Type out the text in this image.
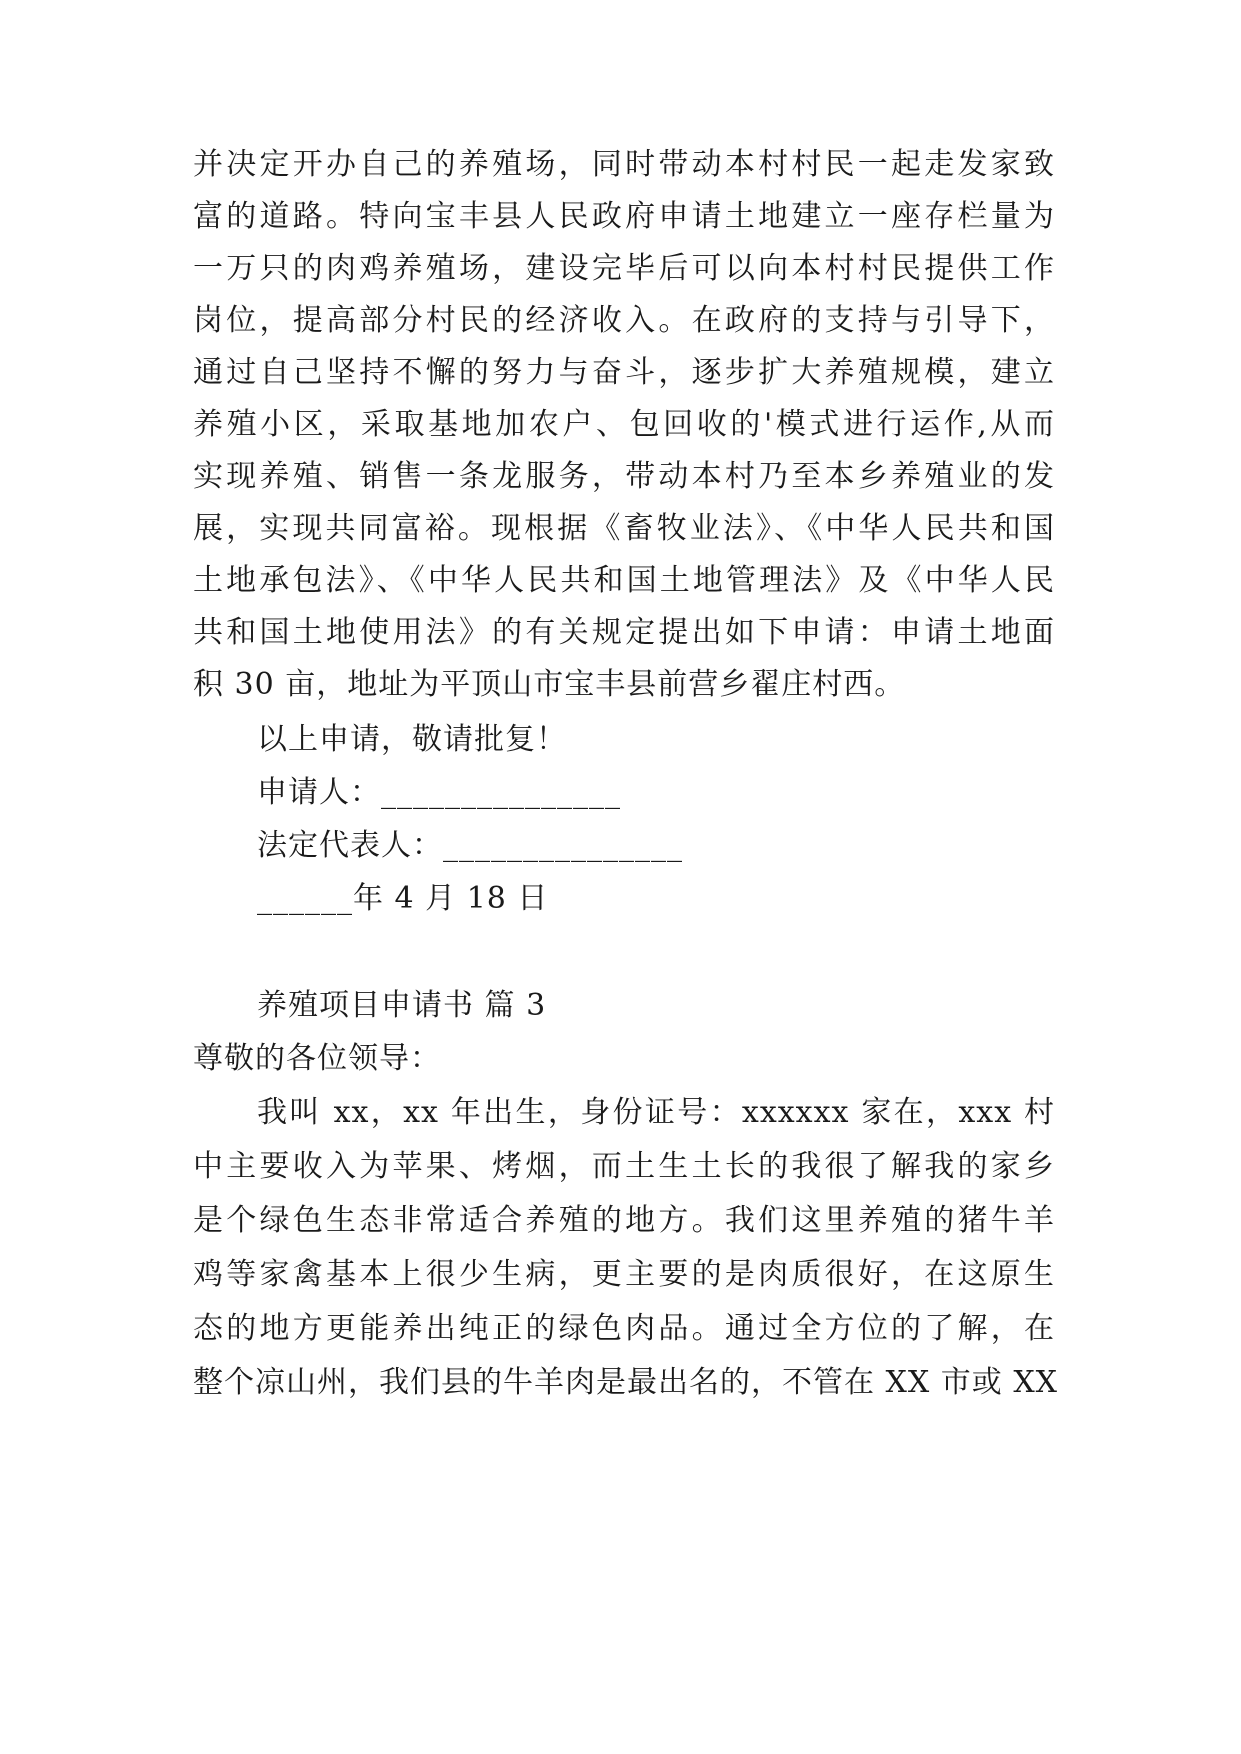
并决定开办自己的养殖场，同时带动本村村民一起走发家致
富的道路。特向宝丰县人民政府申请土地建立一座存栏量为
一万只的肉鸡养殖场，建设完毕后可以向本村村民提供工作
岗位，提高部分村民的经济收入。在政府的支持与引导下，
通过自己坚持不懈的努力与奋斗，逐步扩大养殖规模，建立
养殖小区，采取基地加农户、包回收的'模式进行运作,从而
实现养殖、销售一条龙服务，带动本村乃至本乡养殖业的发
展，实现共同富裕。现根据《畜牧业法》、《中华人民共和国
土地承包法》、《中华人民共和国土地管理法》及《中华人民
共和国土地使用法》的有关规定提出如下申请：申请土地面
积 30 亩，地址为平顶山市宝丰县前营乡翟庄村西。
以上申请，敬请批复！
申请人：_______________
法定代表人：_______________
______年 4 月 18 日
养殖项目申请书 篇 3
尊敬的各位领导：
我叫 xx，xx 年出生，身份证号：xxxxxx 家在，xxx 村
中主要收入为苹果、烤烟，而土生土长的我很了解我的家乡
是个绿色生态非常适合养殖的地方。我们这里养殖的猪牛羊
鸡等家禽基本上很少生病，更主要的是肉质很好，在这原生
态的地方更能养出纯正的绿色肉品。通过全方位的了解，在
整个凉山州，我们县的牛羊肉是最出名的，不管在 XX 市或 XX
